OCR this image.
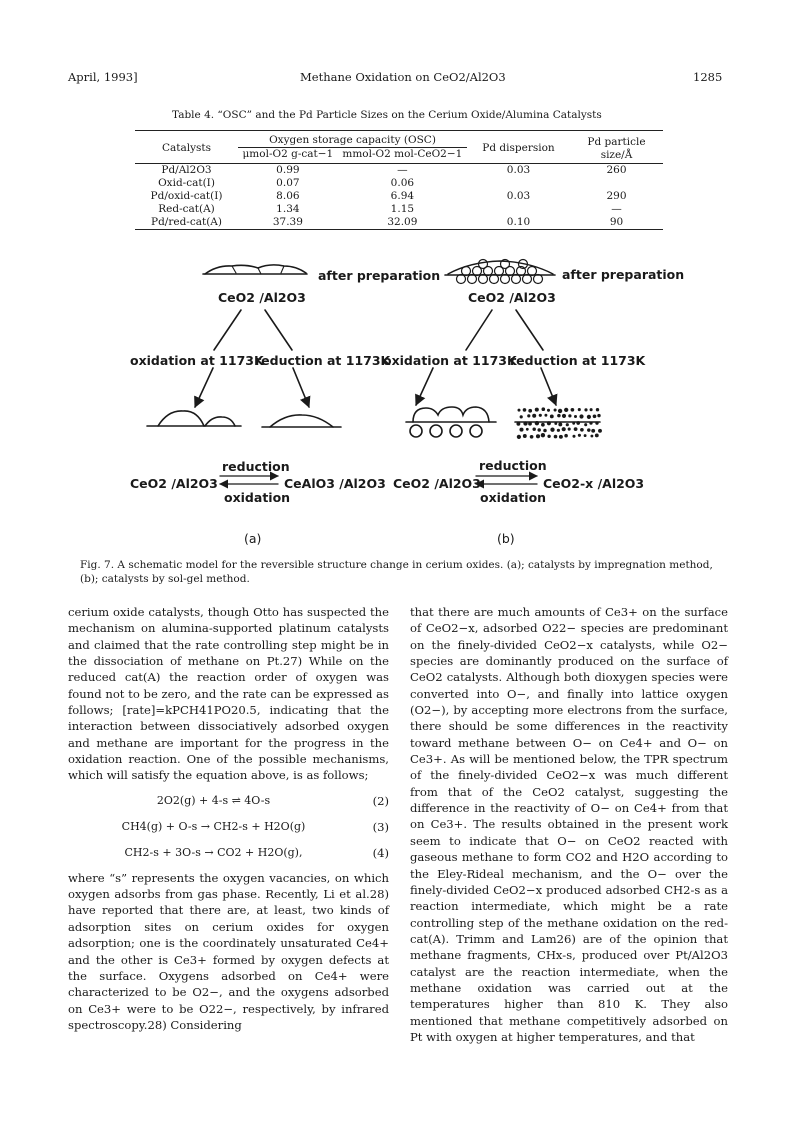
April, 1993]	Methane Oxidation on CeO2/Al2O3	1285
Table 4. “OSC” and the Pd Particle Sizes on the Cerium Oxide/Alumina Catalysts
Catalysts	Oxygen storage capacity (OSC)		Pd dispersion	Pd particle
size/Å
	μmol-O2 g-cat−1	mmol-O2 mol-CeO2−1		
Pd/Al2O3	0.99	—	0.03	260
Oxid-cat(I)	0.07	0.06		
Pd/oxid-cat(I)	8.06	6.94	0.03	290
Red-cat(A)	1.34	1.15		—
Pd/red-cat(A)	37.39	32.09	0.10	90
after preparation
CeO2 /Al2O3
oxidation at 1173K
reduction at 1173K
reduction
CeO2 /Al2O3	CeAlO3 /Al2O3
oxidation
(a)
after preparation
CeO2 /Al2O3
oxidation at 1173K
reduction at 1173K
reduction
CeO2 /Al2O3	CeO2-x /Al2O3
oxidation
(b)
Fig. 7. A schematic model for the reversible structure change in cerium oxides. (a); catalysts by impregnation method, (b); catalysts by sol-gel method.

cerium oxide catalysts, though Otto has suspected the mechanism on alumina-supported platinum catalysts and claimed that the rate controlling step might be in the dissociation of methane on Pt.27) While on the reduced cat(A) the reaction order of oxygen was found not to be zero, and the rate can be expressed as follows; [rate]=kPCH41PO20.5, indicating that the interaction between dissociatively adsorbed oxygen and methane are important for the progress in the oxidation reaction. One of the possible mechanisms, which will satisfy the equation above, is as follows;

2O2(g) + 4-s ⇌ 4O-s	(2)
CH4(g) + O-s → CH2-s + H2O(g)	(3)
CH2-s + 3O-s → CO2 + H2O(g),	(4)

where “s” represents the oxygen vacancies, on which oxygen adsorbs from gas phase. Recently, Li et al.28) have reported that there are, at least, two kinds of adsorption sites on cerium oxides for oxygen adsorption; one is the coordinately unsaturated Ce4+ and the other is Ce3+ formed by oxygen defects at the surface. Oxygens adsorbed on Ce4+ were characterized to be O2−, and the oxygens adsorbed on Ce3+ were to be O22−, respectively, by infrared spectroscopy.28) Considering

that there are much amounts of Ce3+ on the surface of CeO2−x, adsorbed O22− species are predominant on the finely-divided CeO2−x catalysts, while O2− species are dominantly produced on the surface of CeO2 catalysts. Although both dioxygen species were converted into O−, and finally into lattice oxygen (O2−), by accepting more electrons from the surface, there should be some differences in the reactivity toward methane between O− on Ce4+ and O− on Ce3+. As will be mentioned below, the TPR spectrum of the finely-divided CeO2−x was much different from that of the CeO2 catalyst, suggesting the difference in the reactivity of O− on Ce4+ from that on Ce3+. The results obtained in the present work seem to indicate that O− on CeO2 reacted with gaseous methane to form CO2 and H2O according to the Eley-Rideal mechanism, and the O− over the finely-divided CeO2−x produced adsorbed CH2-s as a reaction intermediate, which might be a rate controlling step of the methane oxidation on the red-cat(A). Trimm and Lam26) are of the opinion that methane fragments, CHx-s, produced over Pt/Al2O3 catalyst are the reaction intermediate, when the methane oxidation was carried out at the temperatures higher than 810 K. They also mentioned that methane competitively adsorbed on Pt with oxygen at higher temperatures, and that
